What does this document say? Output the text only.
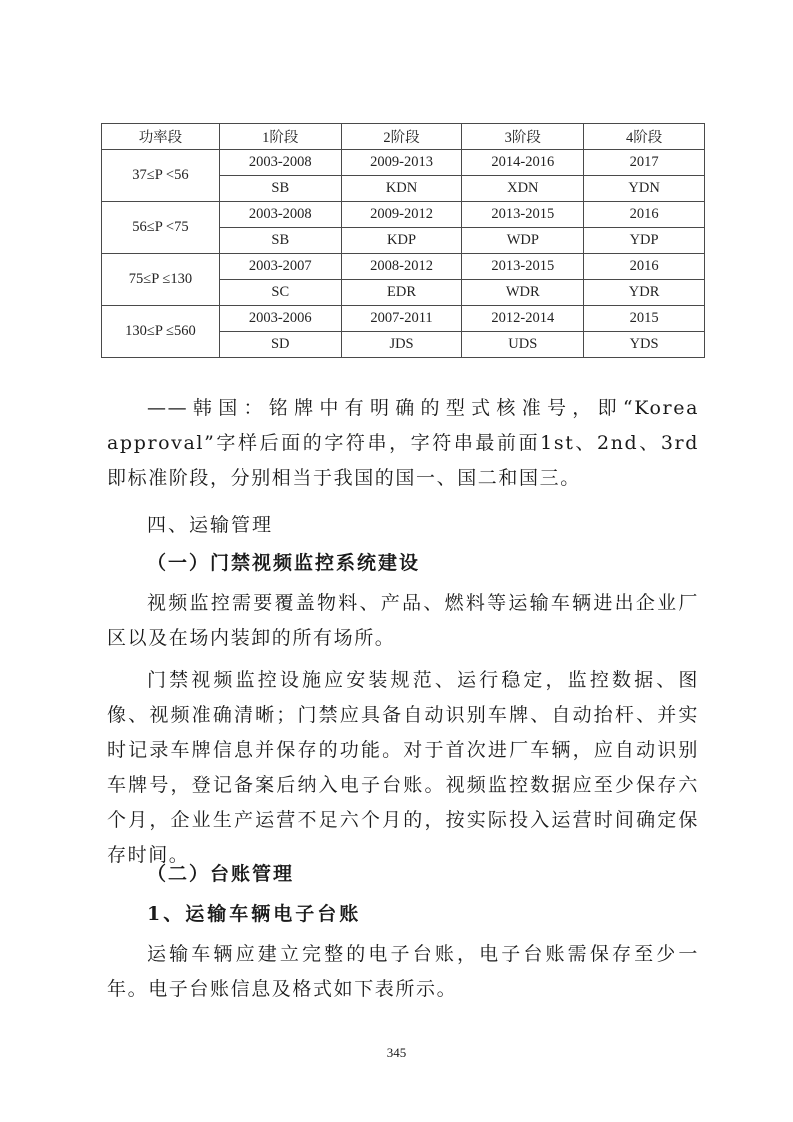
功率段	1阶段	2阶段	3阶段	4阶段
37≤P <56	2003-2008	2009-2013	2014-2016	2017
	SB	KDN	XDN	YDN
56≤P <75	2003-2008	2009-2012	2013-2015	2016
	SB	KDP	WDP	YDP
75≤P ≤130	2003-2007	2008-2012	2013-2015	2016
	SC	EDR	WDR	YDR
130≤P ≤560	2003-2006	2007-2011	2012-2014	2015
	SD	JDS	UDS	YDS

——韩国：铭牌中有明确的型式核准号，即“Korea approval”字样后面的字符串，字符串最前面1st、2nd、3rd即标准阶段，分别相当于我国的国一、国二和国三。

四、运输管理

（一）门禁视频监控系统建设

视频监控需要覆盖物料、产品、燃料等运输车辆进出企业厂区以及在场内装卸的所有场所。

门禁视频监控设施应安装规范、运行稳定，监控数据、图像、视频准确清晰；门禁应具备自动识别车牌、自动抬杆、并实时记录车牌信息并保存的功能。对于首次进厂车辆，应自动识别车牌号，登记备案后纳入电子台账。视频监控数据应至少保存六个月，企业生产运营不足六个月的，按实际投入运营时间确定保存时间。

（二）台账管理

1、运输车辆电子台账

运输车辆应建立完整的电子台账，电子台账需保存至少一年。电子台账信息及格式如下表所示。

345
